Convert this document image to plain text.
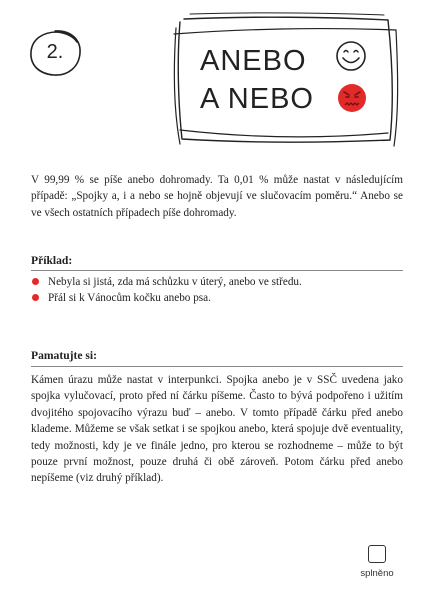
2.	ANEBO
A NEBO
V 99,99 % se píše anebo dohromady. Ta 0,01 % může nastat v následujícím případě: „Spojky a, i a nebo se hojně objevují ve slučovacím poměru.“ Anebo se ve všech ostatních případech píše dohromady.
Příklad:
Nebyla si jistá, zda má schůzku v úterý, anebo ve středu.
Přál si k Vánocům kočku anebo psa.
Pamatujte si:
Kámen úrazu může nastat v interpunkci. Spojka anebo je v SSČ uvedena jako spojka vylučovací, proto před ní čárku píšeme. Často to bývá podpořeno i užitím dvojitého spojovacího výrazu buď – anebo. V tomto případě čárku před anebo klademe. Můžeme se však setkat i se spojkou anebo, která spojuje dvě eventuality, tedy možnosti, kdy je ve finále jedno, pro kterou se rozhodneme – může to být pouze první možnost, pouze druhá či obě zároveň. Potom čárku před anebo nepíšeme (viz druhý příklad).
splněno
